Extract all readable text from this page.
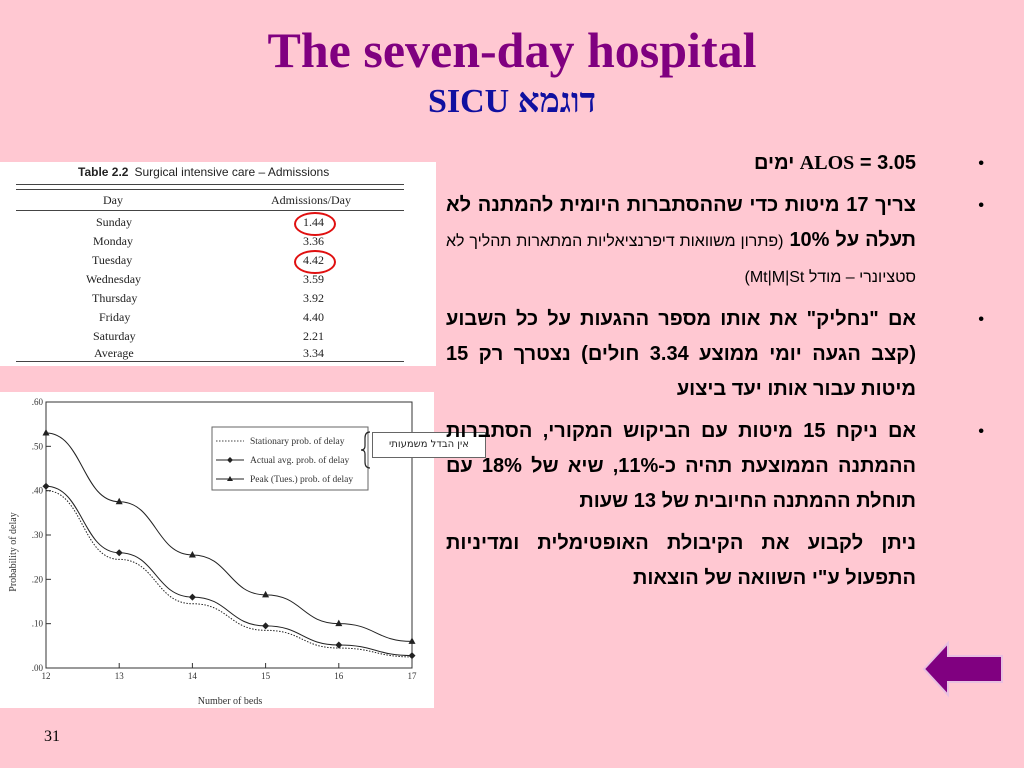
The seven-day hospital
SICU דוגמא
Table 2.2 Surgical intensive care – Admissions
Day	Admissions/Day
Sunday	1.44
Monday	3.36
Tuesday	4.42
Wednesday	3.59
Thursday	3.92
Friday	4.40
Saturday	2.21
Average	3.34
17
16
15
14
13
12
.60
.50
.40
.30
.20
.10
.00
Probability of delay
Number of beds
Stationary prob. of delay
Actual avg. prob. of delay
Peak (Tues.) prob. of delay
אין הבדל משמעותי
•
ALOS = 3.05 ימים
•
צריך 17 מיטות כדי שההסתברות היומית להמתנה לא תעלה על 10% (פתרון משוואות דיפרנציאליות המתארות תהליך לא סטציונרי – מודל Mt|M|St)
•
אם "נחליק" את אותו מספר ההגעות על כל השבוע (קצב הגעה יומי ממוצע 3.34 חולים) נצטרך רק 15 מיטות עבור אותו יעד ביצוע
•
אם ניקח 15 מיטות עם הביקוש המקורי, הסתברות ההמתנה הממוצעת תהיה כ-11%, שיא של 18% עם תוחלת ההמתנה החיובית של 13 שעות
ניתן לקבוע את הקיבולת האופטימלית ומדיניות התפעול ע"י השוואה של הוצאות
31
